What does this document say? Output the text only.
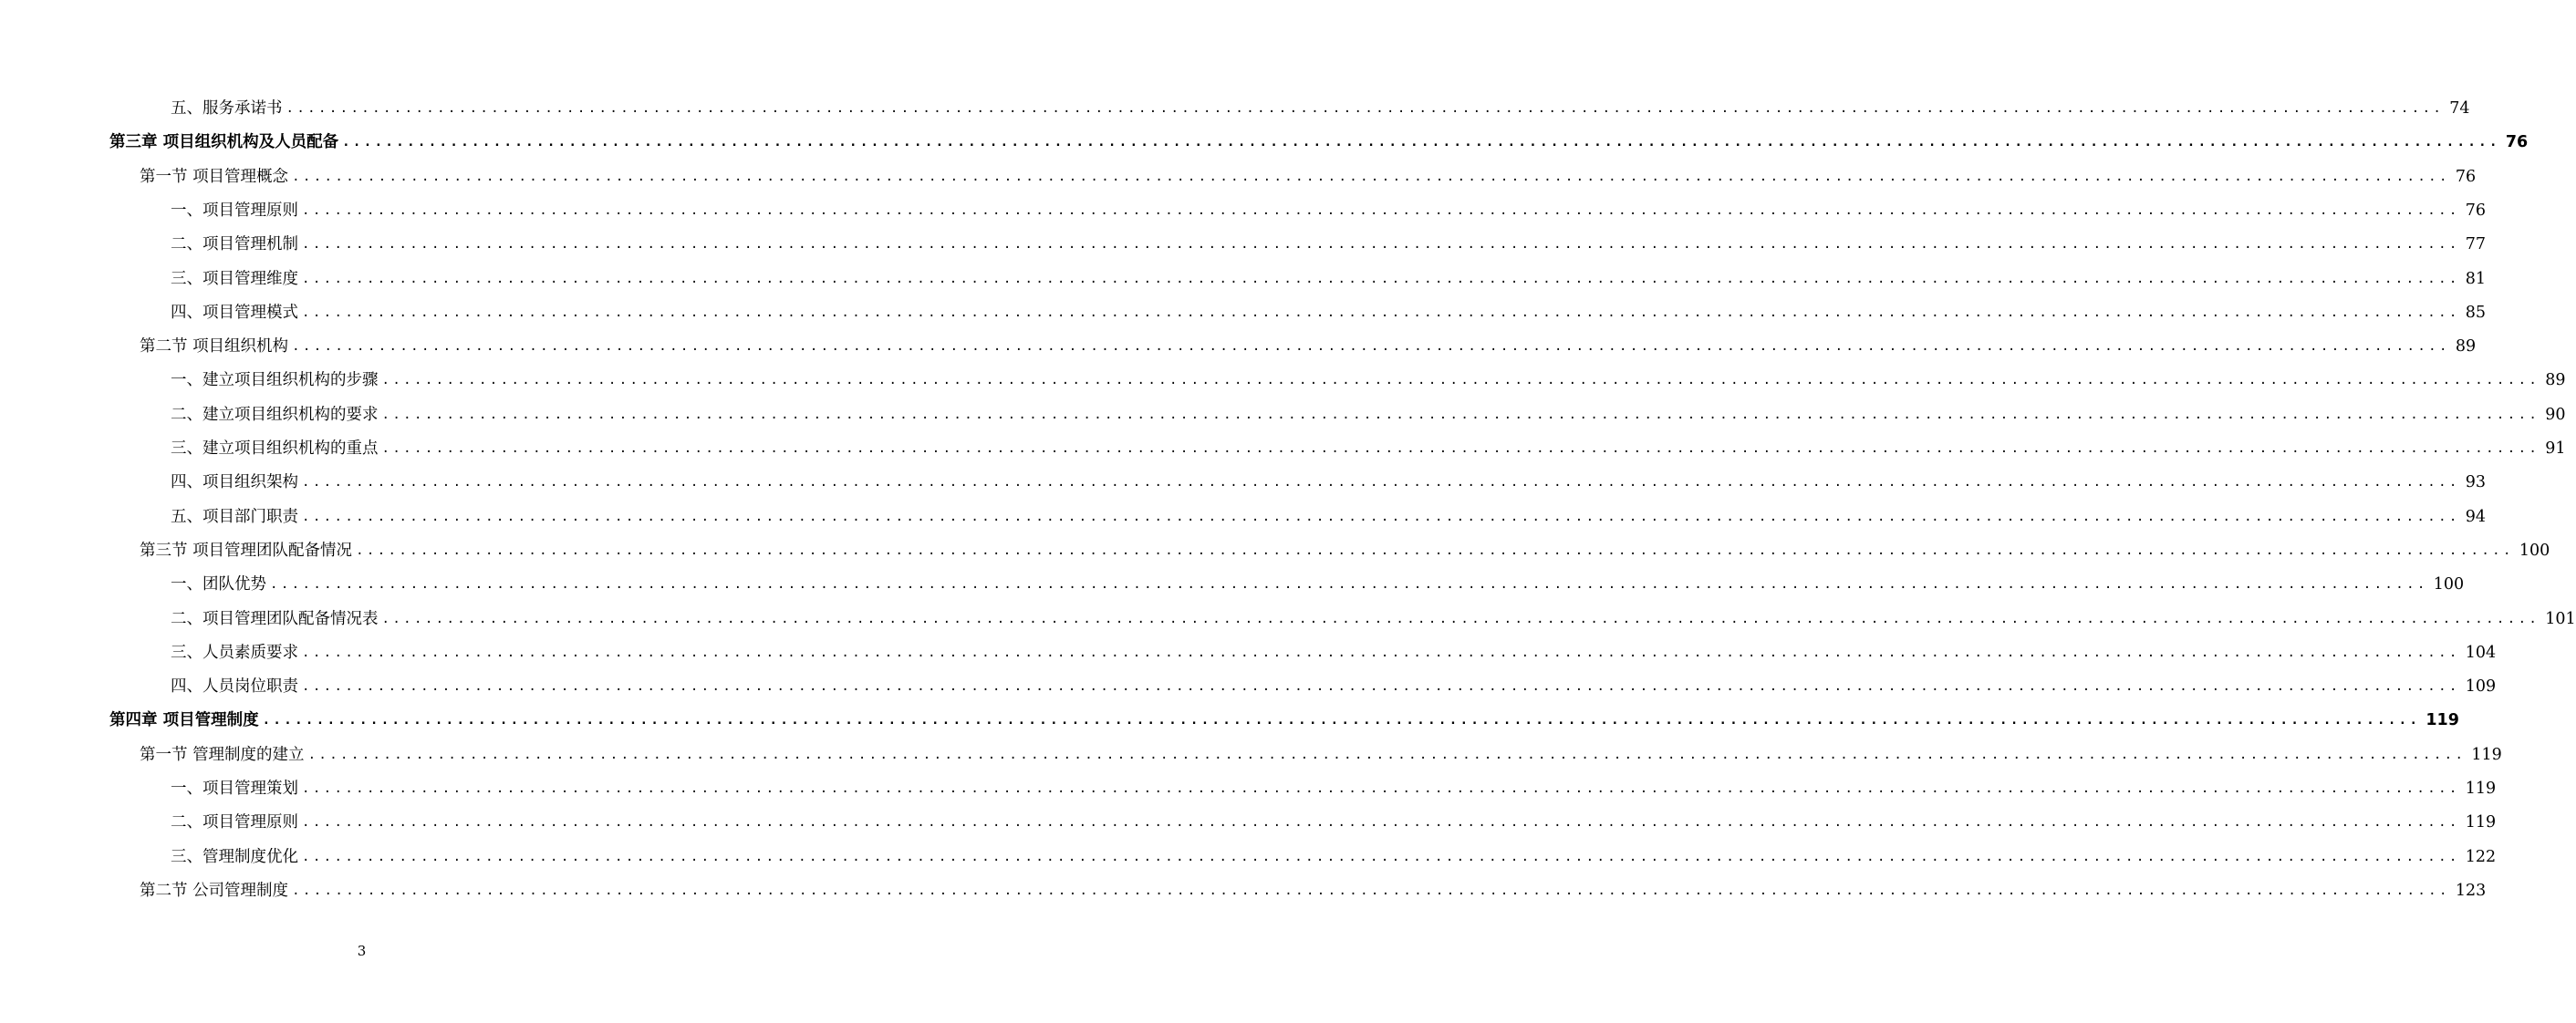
五、服务承诺书 ........................................................................................................................................................................................................ 74
第三章 项目组织机构及人员配备 ........................................................................................................................................................................................................ 76
第一节 项目管理概念 ........................................................................................................................................................................................................ 76
一、项目管理原则 ........................................................................................................................................................................................................ 76
二、项目管理机制 ........................................................................................................................................................................................................ 77
三、项目管理维度 ........................................................................................................................................................................................................ 81
四、项目管理模式 ........................................................................................................................................................................................................ 85
第二节 项目组织机构 ........................................................................................................................................................................................................ 89
一、建立项目组织机构的步骤 ........................................................................................................................................................................................................ 89
二、建立项目组织机构的要求 ........................................................................................................................................................................................................ 90
三、建立项目组织机构的重点 ........................................................................................................................................................................................................ 91
四、项目组织架构 ........................................................................................................................................................................................................ 93
五、项目部门职责 ........................................................................................................................................................................................................ 94
第三节 项目管理团队配备情况 ........................................................................................................................................................................................................ 100
一、团队优势 ........................................................................................................................................................................................................ 100
二、项目管理团队配备情况表 ........................................................................................................................................................................................................ 101
三、人员素质要求 ........................................................................................................................................................................................................ 104
四、人员岗位职责 ........................................................................................................................................................................................................ 109
第四章 项目管理制度 ........................................................................................................................................................................................................ 119
第一节 管理制度的建立 ........................................................................................................................................................................................................ 119
一、项目管理策划 ........................................................................................................................................................................................................ 119
二、项目管理原则 ........................................................................................................................................................................................................ 119
三、管理制度优化 ........................................................................................................................................................................................................ 122
第二节 公司管理制度 ........................................................................................................................................................................................................ 123
3
